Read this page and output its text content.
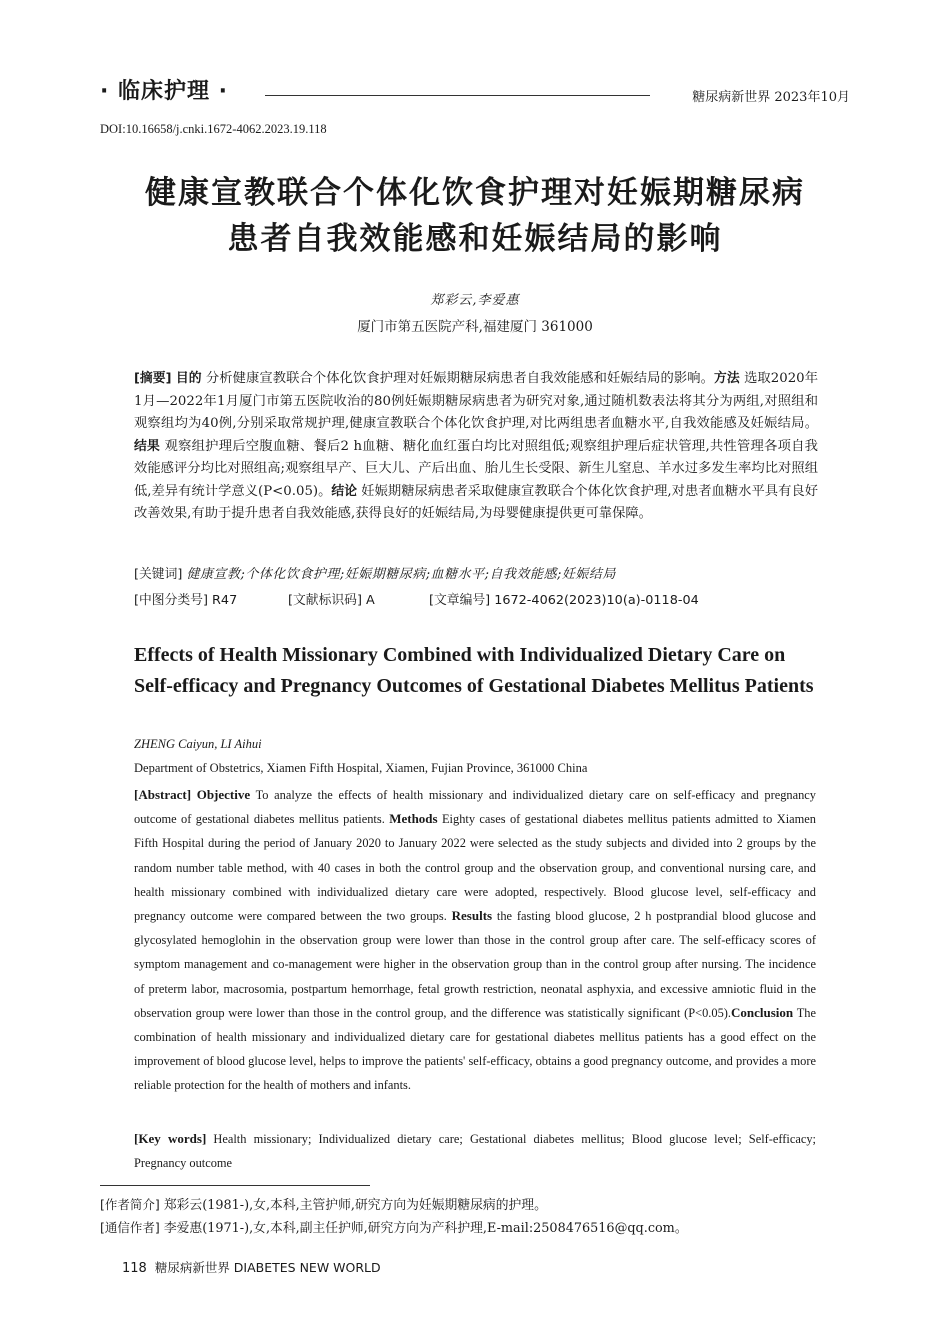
· 临床护理 ·	糖尿病新世界 2023年10月
DOI:10.16658/j.cnki.1672-4062.2023.19.118
健康宣教联合个体化饮食护理对妊娠期糖尿病
患者自我效能感和妊娠结局的影响
郑彩云,李爱惠
厦门市第五医院产科,福建厦门 361000
[摘要] 目的 分析健康宣教联合个体化饮食护理对妊娠期糖尿病患者自我效能感和妊娠结局的影响。方法 选取2020年1月—2022年1月厦门市第五医院收治的80例妊娠期糖尿病患者为研究对象,通过随机数表法将其分为两组,对照组和观察组均为40例,分别采取常规护理,健康宣教联合个体化饮食护理,对比两组患者血糖水平,自我效能感及妊娠结局。结果 观察组护理后空腹血糖、餐后2 h血糖、糖化血红蛋白均比对照组低;观察组护理后症状管理,共性管理各项自我效能感评分均比对照组高;观察组早产、巨大儿、产后出血、胎儿生长受限、新生儿窒息、羊水过多发生率均比对照组低,差异有统计学意义(P<0.05)。结论 妊娠期糖尿病患者采取健康宣教联合个体化饮食护理,对患者血糖水平具有良好改善效果,有助于提升患者自我效能感,获得良好的妊娠结局,为母婴健康提供更可靠保障。
[关键词] 健康宣教;个体化饮食护理;妊娠期糖尿病;血糖水平;自我效能感;妊娠结局
[中图分类号] R47	[文献标识码] A	[文章编号] 1672-4062(2023)10(a)-0118-04
Effects of Health Missionary Combined with Individualized Dietary Care on Self-efficacy and Pregnancy Outcomes of Gestational Diabetes Mellitus Patients
ZHENG Caiyun, LI Aihui
Department of Obstetrics, Xiamen Fifth Hospital, Xiamen, Fujian Province, 361000 China
[Abstract] Objective To analyze the effects of health missionary and individualized dietary care on self-efficacy and pregnancy outcome of gestational diabetes mellitus patients. Methods Eighty cases of gestational diabetes mellitus patients admitted to Xiamen Fifth Hospital during the period of January 2020 to January 2022 were selected as the study subjects and divided into 2 groups by the random number table method, with 40 cases in both the control group and the observation group, and conventional nursing care, and health missionary combined with individualized dietary care were adopted, respectively. Blood glucose level, self-efficacy and pregnancy outcome were compared between the two groups. Results the fasting blood glucose, 2 h postprandial blood glucose and glycosylated hemoglohin in the observation group were lower than those in the control group after care. The self-efficacy scores of symptom management and co-management were higher in the observation group than in the control group after nursing. The incidence of preterm labor, macrosomia, postpartum hemorrhage, fetal growth restriction, neonatal asphyxia, and excessive amniotic fluid in the observation group were lower than those in the control group, and the difference was statistically significant (P<0.05).Conclusion The combination of health missionary and individualized dietary care for gestational diabetes mellitus patients has a good effect on the improvement of blood glucose level, helps to improve the patients' self-efficacy, obtains a good pregnancy outcome, and provides a more reliable protection for the health of mothers and infants.
[Key words] Health missionary; Individualized dietary care; Gestational diabetes mellitus; Blood glucose level; Self-efficacy; Pregnancy outcome
[作者简介] 郑彩云(1981-),女,本科,主管护师,研究方向为妊娠期糖尿病的护理。
[通信作者] 李爱惠(1971-),女,本科,副主任护师,研究方向为产科护理,E-mail:2508476516@qq.com。
118 糖尿病新世界 DIABETES NEW WORLD
